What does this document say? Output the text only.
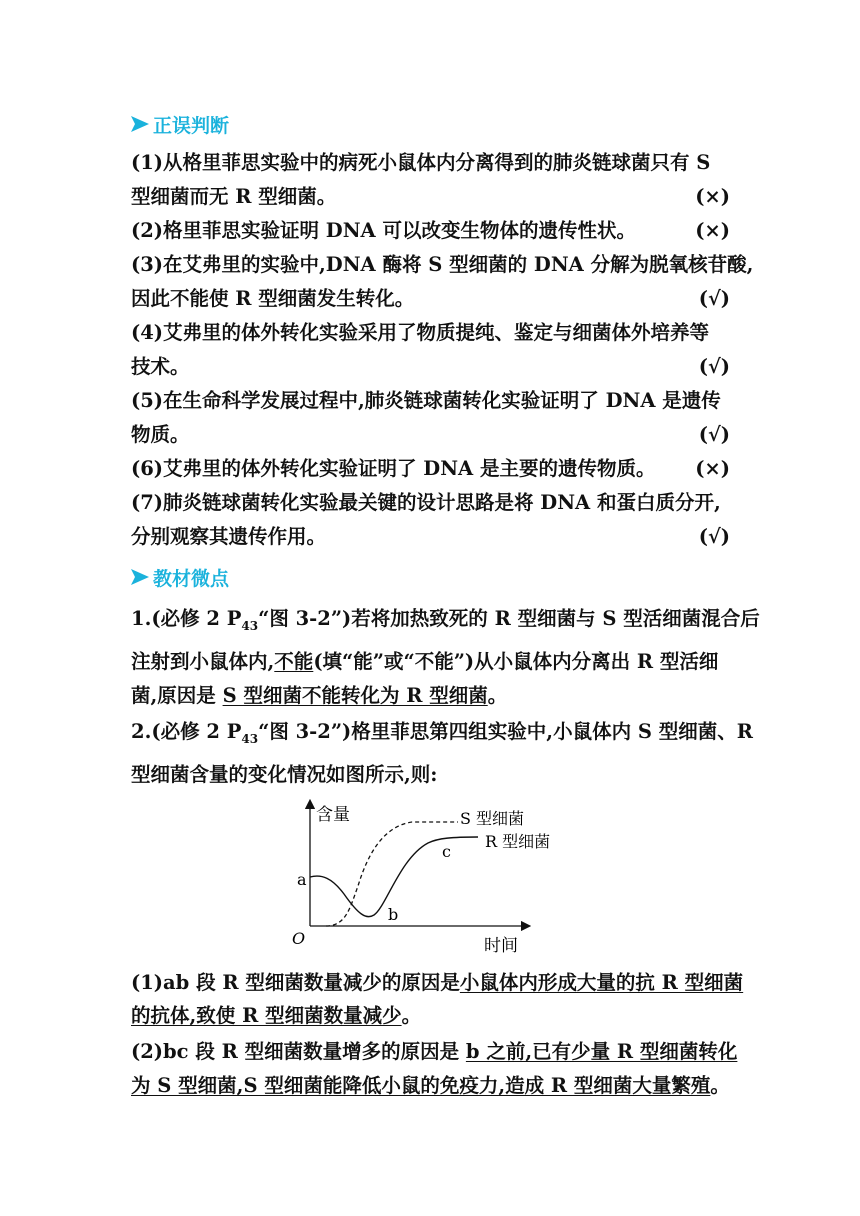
正误判断
(1)从格里菲思实验中的病死小鼠体内分离得到的肺炎链球菌只有 S
型细菌而无 R 型细菌。	(×)
(2)格里菲思实验证明 DNA 可以改变生物体的遗传性状。	(×)
(3)在艾弗里的实验中,DNA 酶将 S 型细菌的 DNA 分解为脱氧核苷酸,
因此不能使 R 型细菌发生转化。	(√)
(4)艾弗里的体外转化实验采用了物质提纯、鉴定与细菌体外培养等
技术。	(√)
(5)在生命科学发展过程中,肺炎链球菌转化实验证明了 DNA 是遗传
物质。	(√)
(6)艾弗里的体外转化实验证明了 DNA 是主要的遗传物质。	(×)
(7)肺炎链球菌转化实验最关键的设计思路是将 DNA 和蛋白质分开,
分别观察其遗传作用。	(√)
教材微点
1.(必修 2 $P_{43}“$图 3-2”)若将加热致死的 R 型细菌与 S 型活细菌混合后
注射到小鼠体内,不能(填“能”或“不能”)从小鼠体内分离出 R 型活细
菌,原因是 S 型细菌不能转化为 R 型细菌。
2.(必修 2 $P_{43}“$图 3-2”)格里菲思第四组实验中,小鼠体内 S 型细菌、R
型细菌含量的变化情况如图所示,则:
含量
时间
O
S 型细菌
R 型细菌
a
b
c
(1)ab 段 R 型细菌数量减少的原因是小鼠体内形成大量的抗 R 型细菌
的抗体,致使 R 型细菌数量减少。
(2)bc 段 R 型细菌数量增多的原因是 b 之前,已有少量 R 型细菌转化
为 S 型细菌,S 型细菌能降低小鼠的免疫力,造成 R 型细菌大量繁殖。
